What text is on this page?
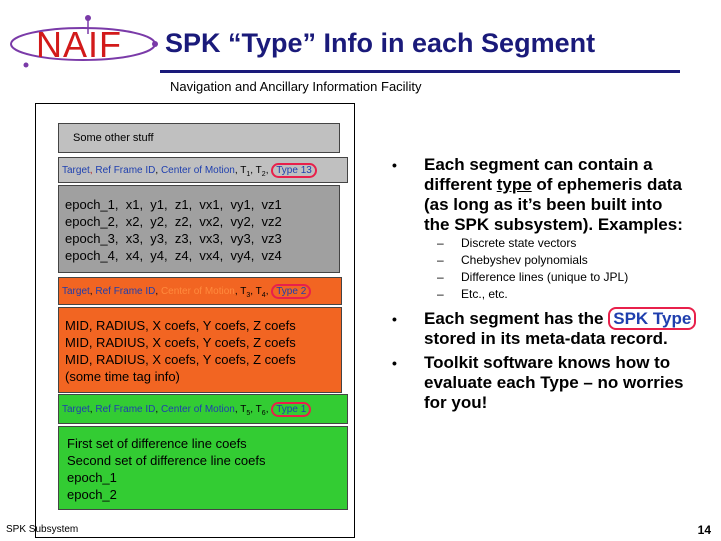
NAIF SPK “Type” Info in each Segment
Navigation and Ancillary Information Facility
Some other stuff
Target, Ref Frame ID, Center of Motion, $T_1$, $T_2$, Type 13
epoch_1,  x1,  y1,  z1,  vx1,  vy1,  vz1
epoch_2,  x2,  y2,  z2,  vx2,  vy2,  vz2
epoch_3,  x3,  y3,  z3,  vx3,  vy3,  vz3
epoch_4,  x4,  y4,  z4,  vx4,  vy4,  vz4
Target, Ref Frame ID, Center of Motion, $T_3$, $T_4$, Type 2
MID, RADIUS, X coefs, Y coefs, Z coefs
MID, RADIUS, X coefs, Y coefs, Z coefs
MID, RADIUS, X coefs, Y coefs, Z coefs
(some time tag info)
Target, Ref Frame ID, Center of Motion, $T_5$, $T_6$, Type 1
First set of difference line coefs
Second set of difference line coefs
epoch_1
epoch_2
SPK Subsystem
• Each segment can contain a
different type of ephemeris data
(as long as it’s been built into
the SPK subsystem). Examples:
– Discrete state vectors
– Chebyshev polynomials
– Difference lines (unique to JPL)
– Etc., etc.
• Each segment has the SPK Type
stored in its meta-data record.
• Toolkit software knows how to
evaluate each Type – no worries
for you!
14
